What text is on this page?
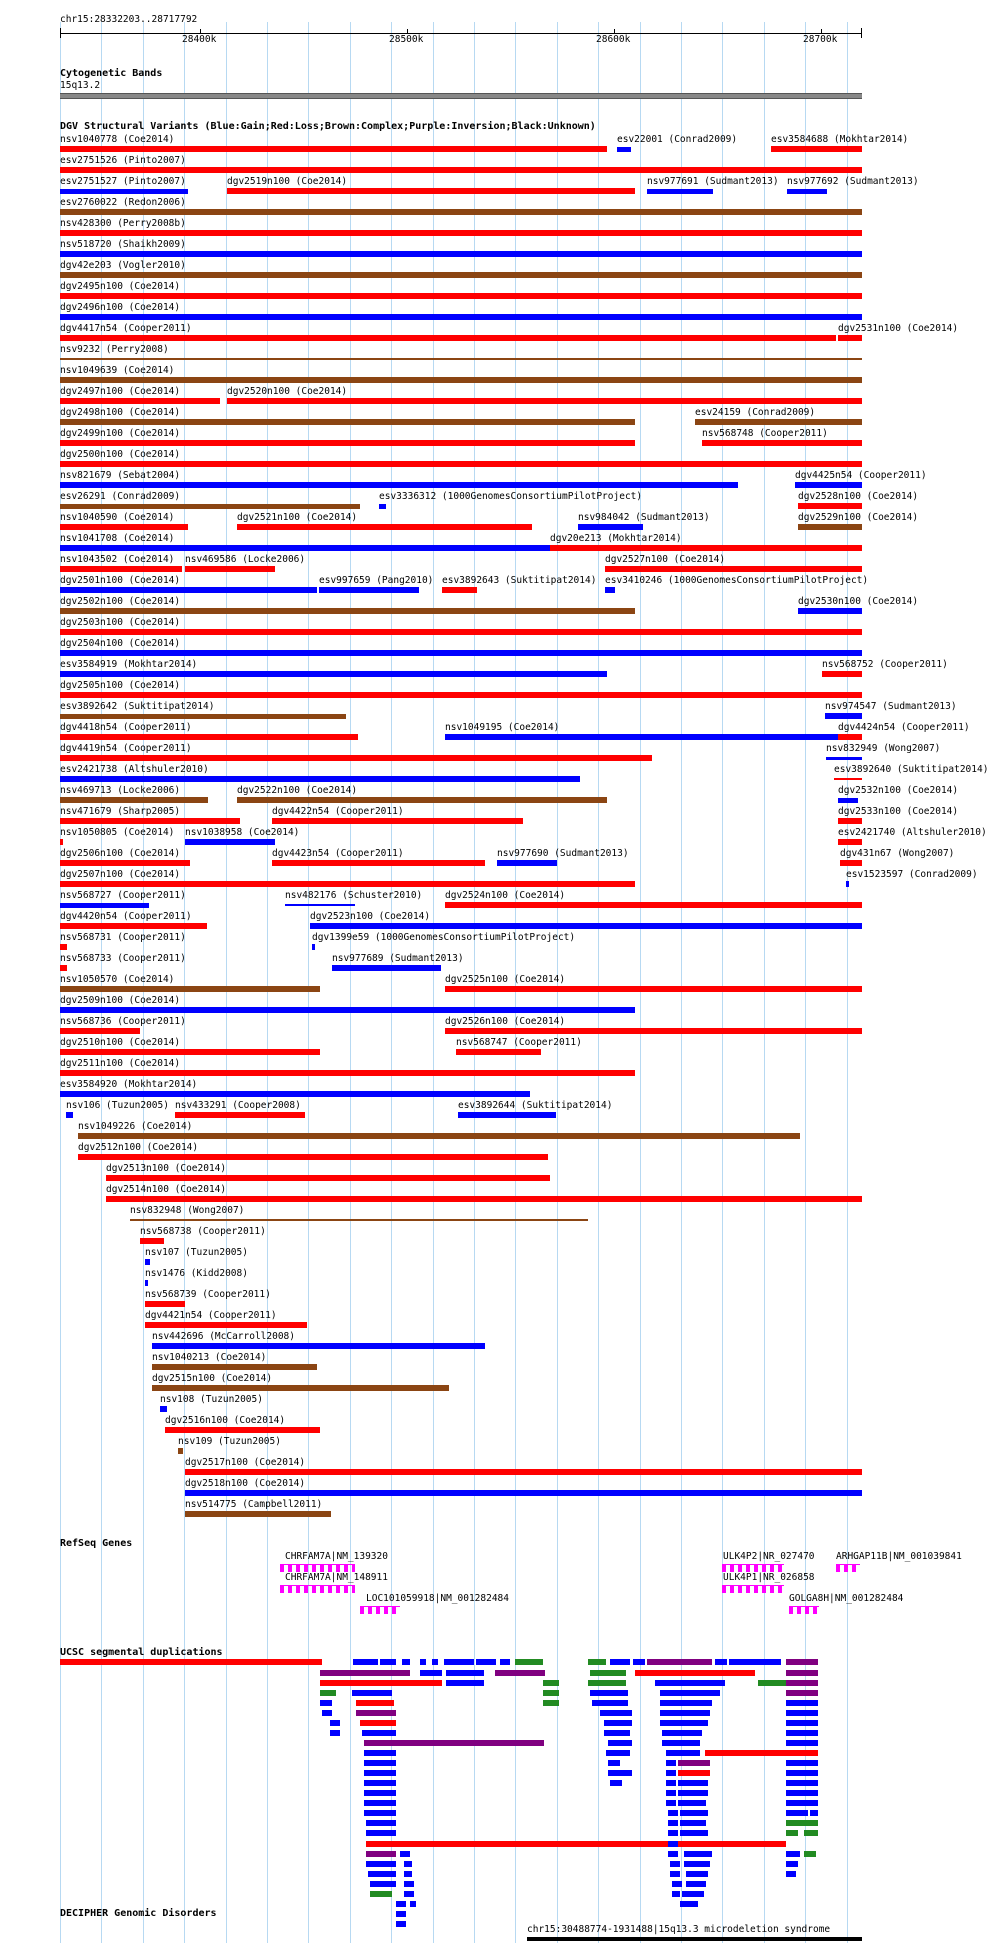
chr15:28332203..28717792
28400k	28500k	28600k	28700k
Cytogenetic Bands
15q13.2
DGV Structural Variants (Blue:Gain;Red:Loss;Brown:Complex;Purple:Inversion;Black:Unknown)
nsv1040778 (Coe2014)	esv22001 (Conrad2009)	esv3584688 (Mokhtar2014)
esv2751526 (Pinto2007)
esv2751527 (Pinto2007)	dgv2519n100 (Coe2014)	nsv977691 (Sudmant2013) nsv977692 (Sudmant2013)
esv2760022 (Redon2006)
nsv428300 (Perry2008b)
nsv518720 (Shaikh2009)
dgv42e203 (Vogler2010)
dgv2495n100 (Coe2014)
dgv2496n100 (Coe2014)
dgv4417n54 (Cooper2011)	dgv2531n100 (Coe2014)
nsv9232 (Perry2008)
nsv1049639 (Coe2014)
dgv2497n100 (Coe2014)	dgv2520n100 (Coe2014)
dgv2498n100 (Coe2014)	esv24159 (Conrad2009)
dgv2499n100 (Coe2014)	nsv568748 (Cooper2011)
dgv2500n100 (Coe2014)
nsv821679 (Sebat2004)	dgv4425n54 (Cooper2011)
esv26291 (Conrad2009)	esv3336312 (1000GenomesConsortiumPilotProject)	dgv2528n100 (Coe2014)
nsv1040590 (Coe2014)	dgv2521n100 (Coe2014)	nsv984042 (Sudmant2013)	dgv2529n100 (Coe2014)
nsv1041708 (Coe2014)	dgv20e213 (Mokhtar2014)
nsv1043502 (Coe2014) nsv469586 (Locke2006)	dgv2527n100 (Coe2014)
dgv2501n100 (Coe2014)	esv997659 (Pang2010) esv3892643 (Suktitipat2014) esv3410246 (1000GenomesConsortiumPilotProject)
dgv2502n100 (Coe2014)	dgv2530n100 (Coe2014)
dgv2503n100 (Coe2014)
dgv2504n100 (Coe2014)
esv3584919 (Mokhtar2014)	nsv568752 (Cooper2011)
dgv2505n100 (Coe2014)
esv3892642 (Suktitipat2014)	nsv974547 (Sudmant2013)
dgv4418n54 (Cooper2011)	nsv1049195 (Coe2014)	dgv4424n54 (Cooper2011)
dgv4419n54 (Cooper2011)	nsv832949 (Wong2007)
esv2421738 (Altshuler2010)	esv3892640 (Suktitipat2014)
nsv469713 (Locke2006)	dgv2522n100 (Coe2014)	dgv2532n100 (Coe2014)
nsv471679 (Sharp2005)	dgv4422n54 (Cooper2011)	dgv2533n100 (Coe2014)
nsv1050805 (Coe2014) nsv1038958 (Coe2014)	esv2421740 (Altshuler2010)
dgv2506n100 (Coe2014)	dgv4423n54 (Cooper2011)	nsv977690 (Sudmant2013)	dgv431n67 (Wong2007)
dgv2507n100 (Coe2014)	esv1523597 (Conrad2009)
nsv568727 (Cooper2011)	nsv482176 (Schuster2010) dgv2524n100 (Coe2014)
dgv4420n54 (Cooper2011)	dgv2523n100 (Coe2014)
nsv568731 (Cooper2011)	dgv1399e59 (1000GenomesConsortiumPilotProject)
nsv568733 (Cooper2011)	nsv977689 (Sudmant2013)
nsv1050570 (Coe2014)	dgv2525n100 (Coe2014)
dgv2509n100 (Coe2014)
nsv568736 (Cooper2011)	dgv2526n100 (Coe2014)
dgv2510n100 (Coe2014)	nsv568747 (Cooper2011)
dgv2511n100 (Coe2014)
esv3584920 (Mokhtar2014)
nsv106 (Tuzun2005) nsv433291 (Cooper2008)	esv3892644 (Suktitipat2014)
nsv1049226 (Coe2014)
dgv2512n100 (Coe2014)
dgv2513n100 (Coe2014)
dgv2514n100 (Coe2014)
nsv832948 (Wong2007)
nsv568738 (Cooper2011)
nsv107 (Tuzun2005)
nsv1476 (Kidd2008)
nsv568739 (Cooper2011)
dgv4421n54 (Cooper2011)
nsv442696 (McCarroll2008)
nsv1040213 (Coe2014)
dgv2515n100 (Coe2014)
nsv108 (Tuzun2005)
dgv2516n100 (Coe2014)
nsv109 (Tuzun2005)
dgv2517n100 (Coe2014)
dgv2518n100 (Coe2014)
nsv514775 (Campbell2011)
RefSeq Genes
CHRFAM7A|NM_139320
CHRFAM7A|NM_148911
LOC101059918|NM_001282484
ULK4P2|NR_027470
ULK4P1|NR_026858
ARHGAP11B|NM_001039841
GOLGA8H|NM_001282484
UCSC segmental duplications
DECIPHER Genomic Disorders
chr15:30488774-1931488|15q13.3 microdeletion syndrome
